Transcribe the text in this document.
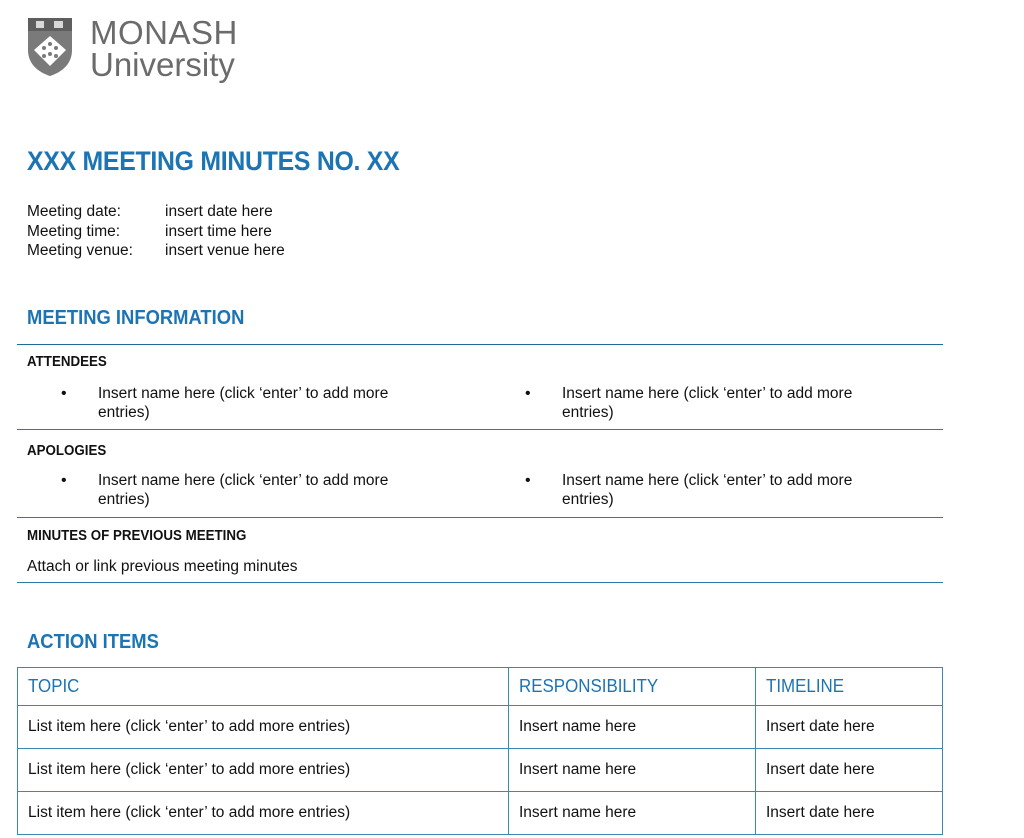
MONASH
University
XXX MEETING MINUTES NO. XX
Meeting date:	insert date here
Meeting time:	insert time here
Meeting venue:	insert venue here
MEETING INFORMATION
ATTENDEES
• Insert name here (click ‘enter’ to add more
entries)
• Insert name here (click ‘enter’ to add more
entries)
APOLOGIES
• Insert name here (click ‘enter’ to add more
entries)
• Insert name here (click ‘enter’ to add more
entries)
MINUTES OF PREVIOUS MEETING
Attach or link previous meeting minutes
ACTION ITEMS
TOPIC	RESPONSIBILITY	TIMELINE
List item here (click ‘enter’ to add more entries)	Insert name here	Insert date here
List item here (click ‘enter’ to add more entries)	Insert name here	Insert date here
List item here (click ‘enter’ to add more entries)	Insert name here	Insert date here
